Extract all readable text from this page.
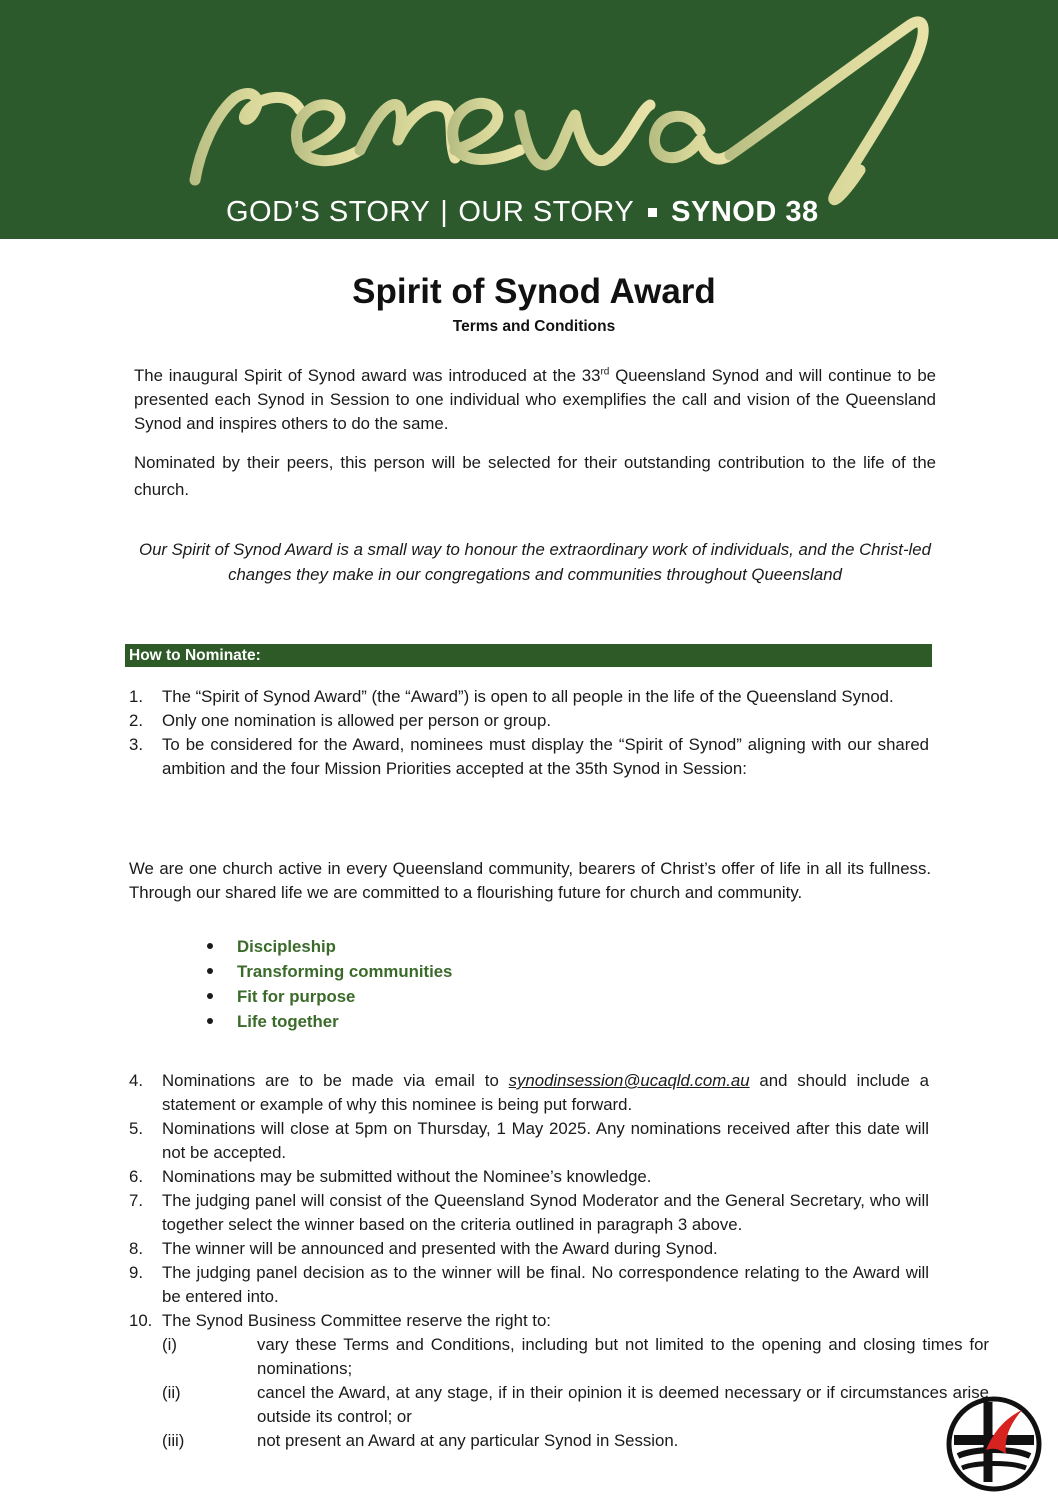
GOD’S STORY | OUR STORY SYNOD 38
Spirit of Synod Award
Terms and Conditions
The inaugural Spirit of Synod award was introduced at the 33rd Queensland Synod and will continue to be presented each Synod in Session to one individual who exemplifies the call and vision of the Queensland Synod and inspires others to do the same.
Nominated by their peers, this person will be selected for their outstanding contribution to the life of the church.
Our Spirit of Synod Award is a small way to honour the extraordinary work of individuals, and the Christ-led changes they make in our congregations and communities throughout Queensland
How to Nominate:
1. The “Spirit of Synod Award” (the “Award”) is open to all people in the life of the Queensland Synod.
2. Only one nomination is allowed per person or group.
3. To be considered for the Award, nominees must display the “Spirit of Synod” aligning with our shared ambition and the four Mission Priorities accepted at the 35th Synod in Session:
We are one church active in every Queensland community, bearers of Christ’s offer of life in all its fullness. Through our shared life we are committed to a flourishing future for church and community.
Discipleship
Transforming communities
Fit for purpose
Life together
4. Nominations are to be made via email to synodinsession@ucaqld.com.au and should include a statement or example of why this nominee is being put forward.
5. Nominations will close at 5pm on Thursday, 1 May 2025. Any nominations received after this date will not be accepted.
6. Nominations may be submitted without the Nominee’s knowledge.
7. The judging panel will consist of the Queensland Synod Moderator and the General Secretary, who will together select the winner based on the criteria outlined in paragraph 3 above.
8. The winner will be announced and presented with the Award during Synod.
9. The judging panel decision as to the winner will be final. No correspondence relating to the Award will be entered into.
10. The Synod Business Committee reserve the right to:
(i)	vary these Terms and Conditions, including but not limited to the opening and closing times for nominations;
(ii)	cancel the Award, at any stage, if in their opinion it is deemed necessary or if circumstances arise outside its control; or
(iii)	not present an Award at any particular Synod in Session.
